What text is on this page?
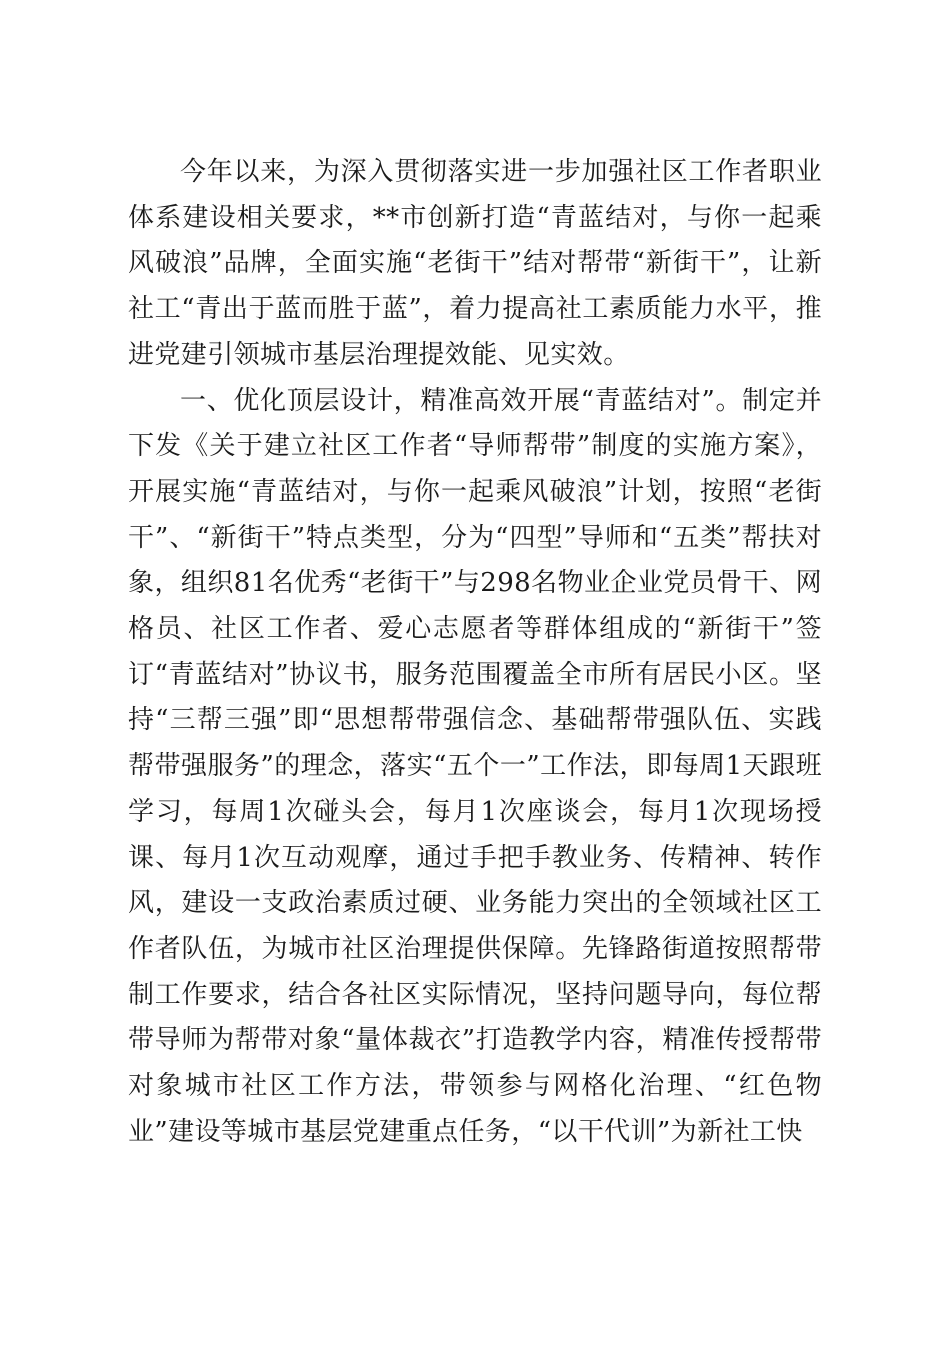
今年以来，为深入贯彻落实进一步加强社区工作者职业体系建设相关要求，**市创新打造“青蓝结对，与你一起乘风破浪”品牌，全面实施“老街干”结对帮带“新街干”，让新社工“青出于蓝而胜于蓝”，着力提高社工素质能力水平，推进党建引领城市基层治理提效能、见实效。

一、优化顶层设计，精准高效开展“青蓝结对”。制定并下发《关于建立社区工作者“导师帮带”制度的实施方案》，开展实施“青蓝结对，与你一起乘风破浪”计划，按照“老街干”、“新街干”特点类型，分为“四型”导师和“五类”帮扶对象，组织81名优秀“老街干”与298名物业企业党员骨干、网格员、社区工作者、爱心志愿者等群体组成的“新街干”签订“青蓝结对”协议书，服务范围覆盖全市所有居民小区。坚持“三帮三强”即“思想帮带强信念、基础帮带强队伍、实践帮带强服务”的理念，落实“五个一”工作法，即每周1天跟班学习，每周1次碰头会，每月1次座谈会，每月1次现场授课、每月1次互动观摩，通过手把手教业务、传精神、转作风，建设一支政治素质过硬、业务能力突出的全领域社区工作者队伍，为城市社区治理提供保障。先锋路街道按照帮带制工作要求，结合各社区实际情况，坚持问题导向，每位帮带导师为帮带对象“量体裁衣”打造教学内容，精准传授帮带对象城市社区工作方法，带领参与网格化治理、“红色物业”建设等城市基层党建重点任务，“以干代训”为新社工快
